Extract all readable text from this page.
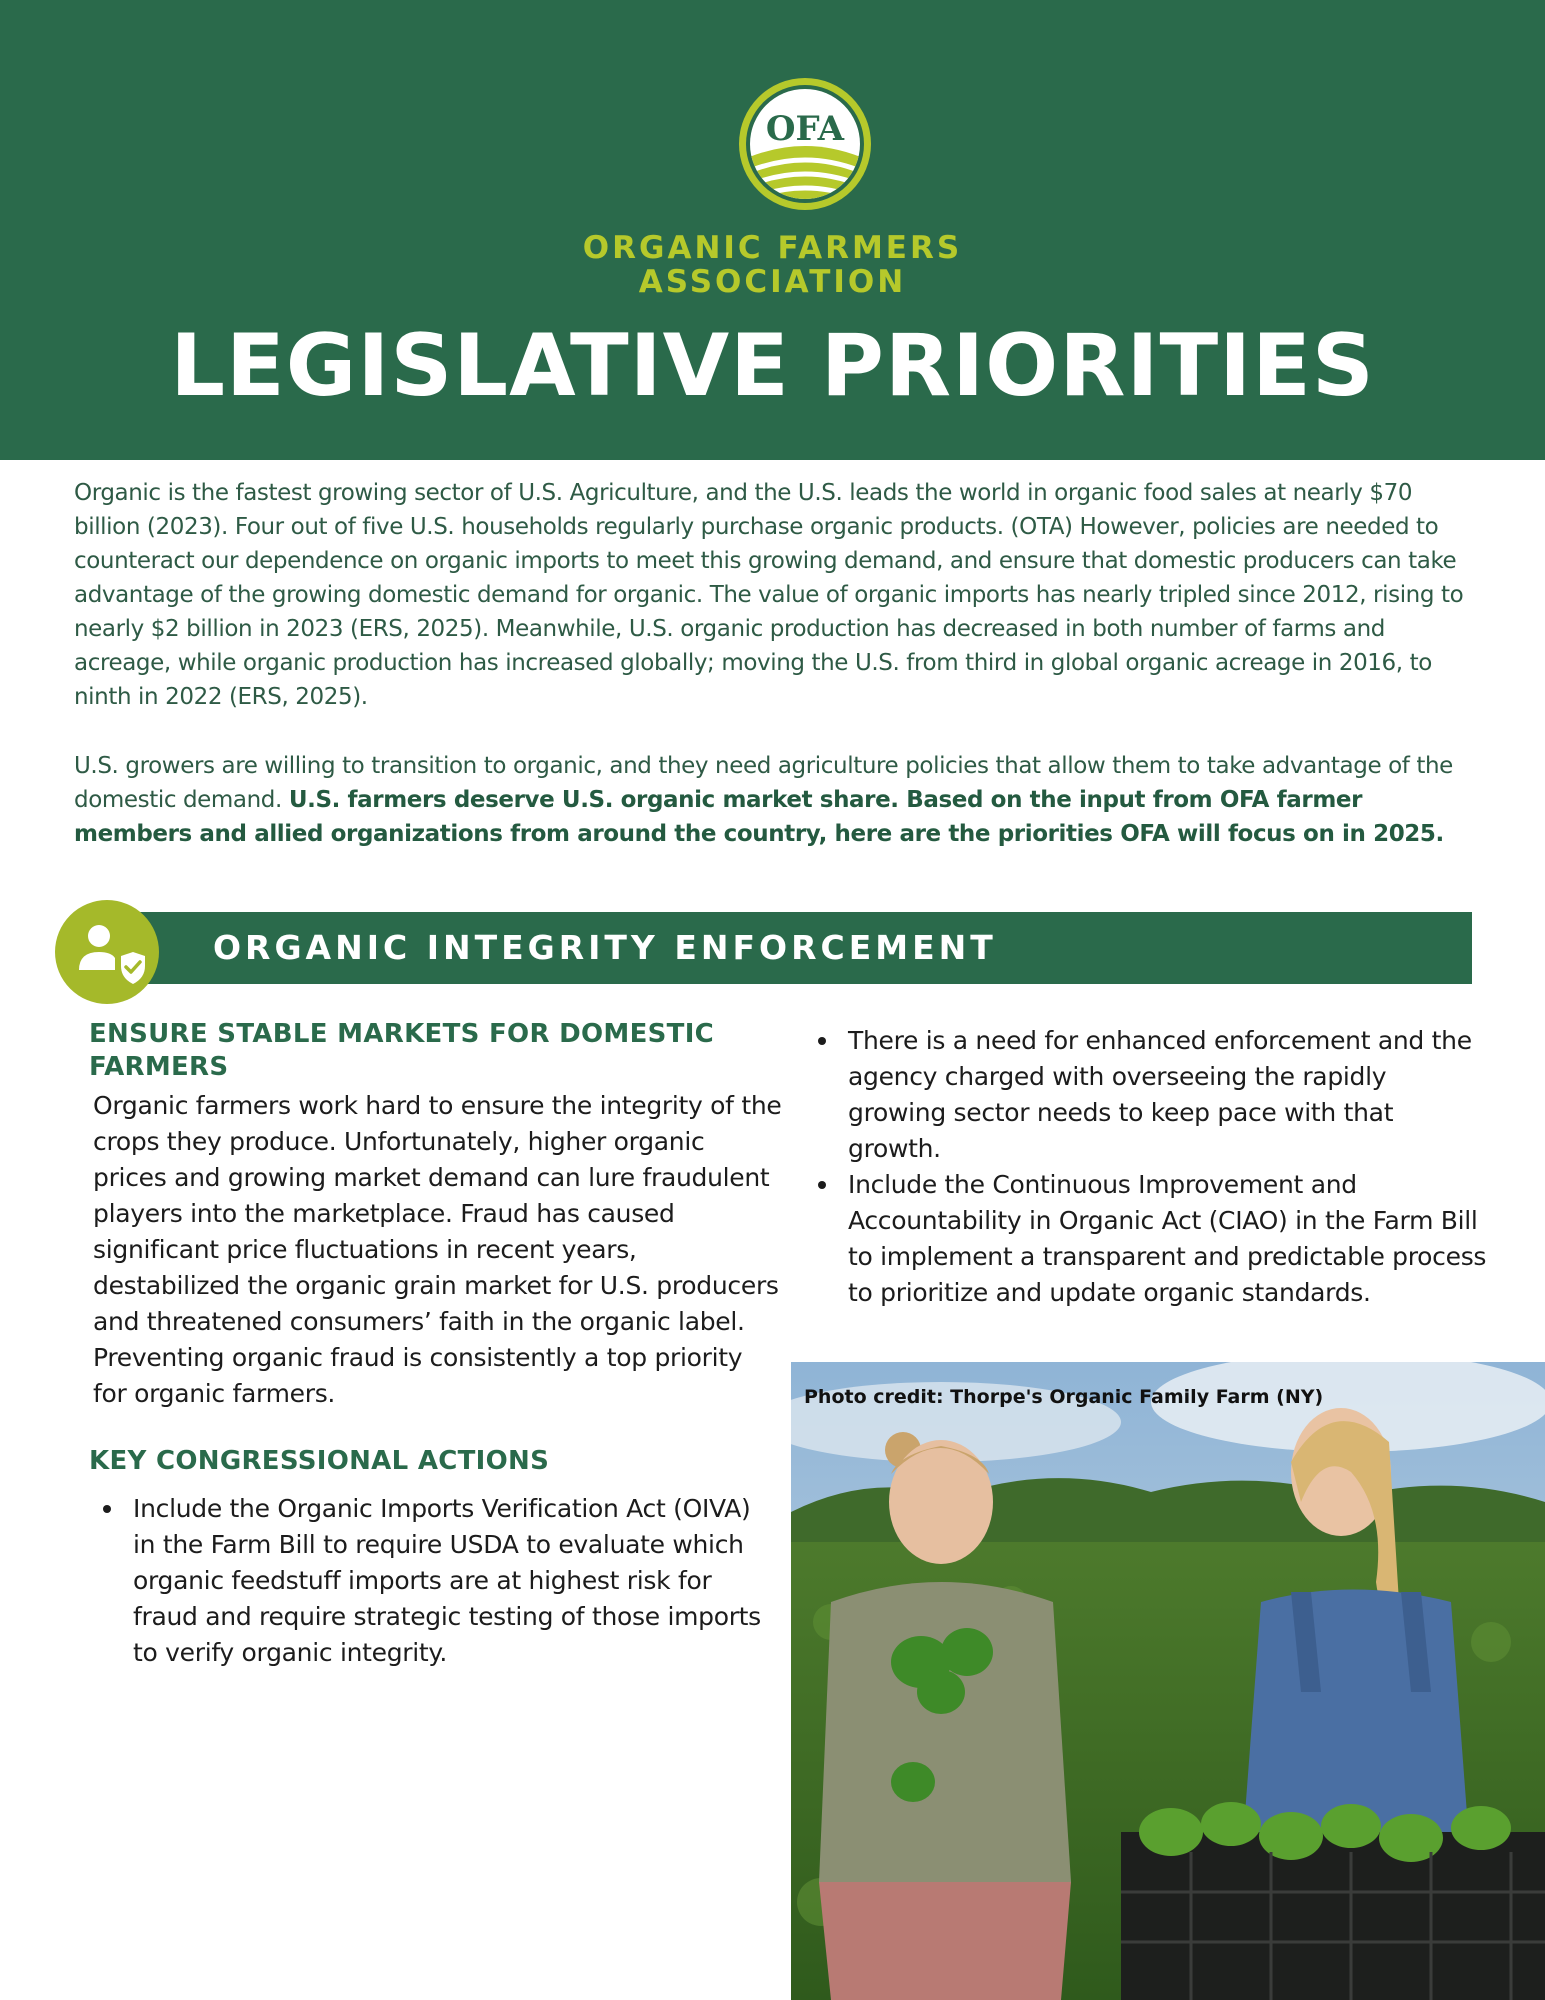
OFA
ORGANIC FARMERS
ASSOCIATION
LEGISLATIVE PRIORITIES

Organic is the fastest growing sector of U.S. Agriculture, and the U.S. leads the world in organic food sales at nearly $70 billion (2023). Four out of five U.S. households regularly purchase organic products. (OTA) However, policies are needed to counteract our dependence on organic imports to meet this growing demand, and ensure that domestic producers can take advantage of the growing domestic demand for organic. The value of organic imports has nearly tripled since 2012, rising to nearly $2 billion in 2023 (ERS, 2025). Meanwhile, U.S. organic production has decreased in both number of farms and acreage, while organic production has increased globally; moving the U.S. from third in global organic acreage in 2016, to ninth in 2022 (ERS, 2025).

U.S. growers are willing to transition to organic, and they need agriculture policies that allow them to take advantage of the domestic demand. U.S. farmers deserve U.S. organic market share. Based on the input from OFA farmer members and allied organizations from around the country, here are the priorities OFA will focus on in 2025.

ORGANIC INTEGRITY ENFORCEMENT
ENSURE STABLE MARKETS FOR DOMESTIC FARMERS

Organic farmers work hard to ensure the integrity of the crops they produce. Unfortunately, higher organic prices and growing market demand can lure fraudulent players into the marketplace. Fraud has caused significant price fluctuations in recent years, destabilized the organic grain market for U.S. producers and threatened consumers’ faith in the organic label. Preventing organic fraud is consistently a top priority for organic farmers.

KEY CONGRESSIONAL ACTIONS
Include the Organic Imports Verification Act (OIVA) in the Farm Bill to require USDA to evaluate which organic feedstuff imports are at highest risk for fraud and require strategic testing of those imports to verify organic integrity.
There is a need for enhanced enforcement and the agency charged with overseeing the rapidly growing sector needs to keep pace with that growth.
Include the Continuous Improvement and Accountability in Organic Act (CIAO) in the Farm Bill to implement a transparent and predictable process to prioritize and update organic standards.
Photo credit: Thorpe's Organic Family Farm (NY)
